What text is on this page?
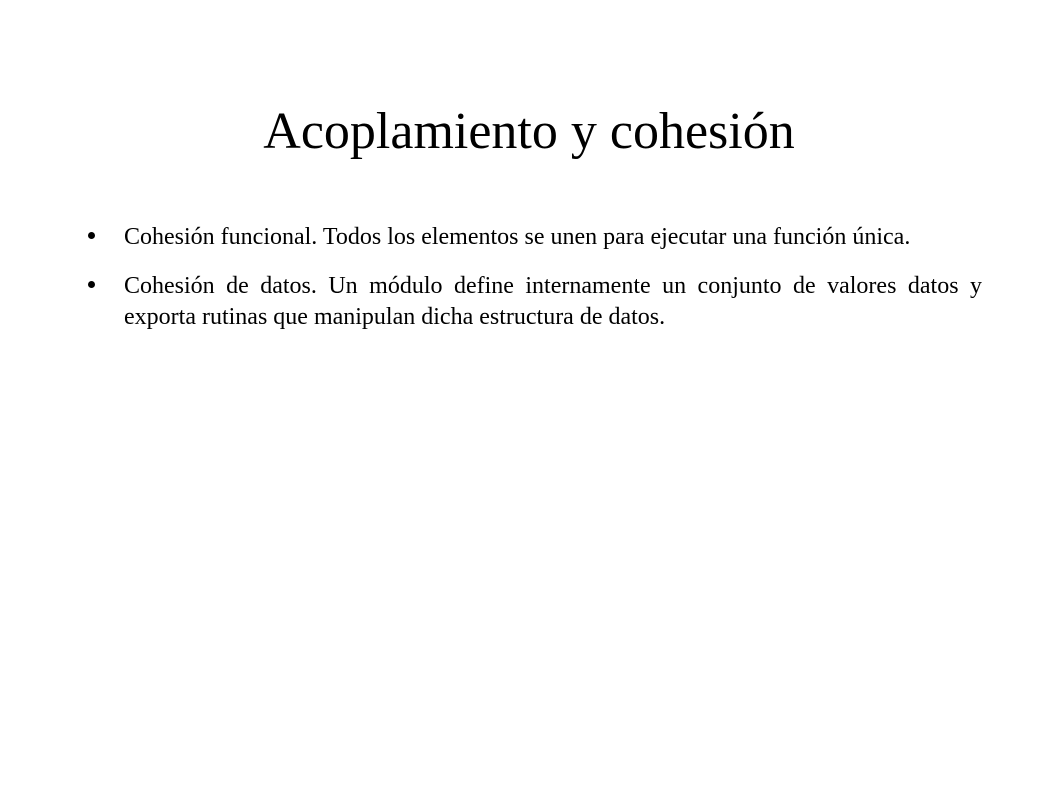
Acoplamiento y cohesión
Cohesión funcional. Todos los elementos se unen para ejecutar una función única.
Cohesión de datos. Un módulo define internamente un conjunto de valores datos y exporta rutinas que manipulan dicha estructura de datos.
